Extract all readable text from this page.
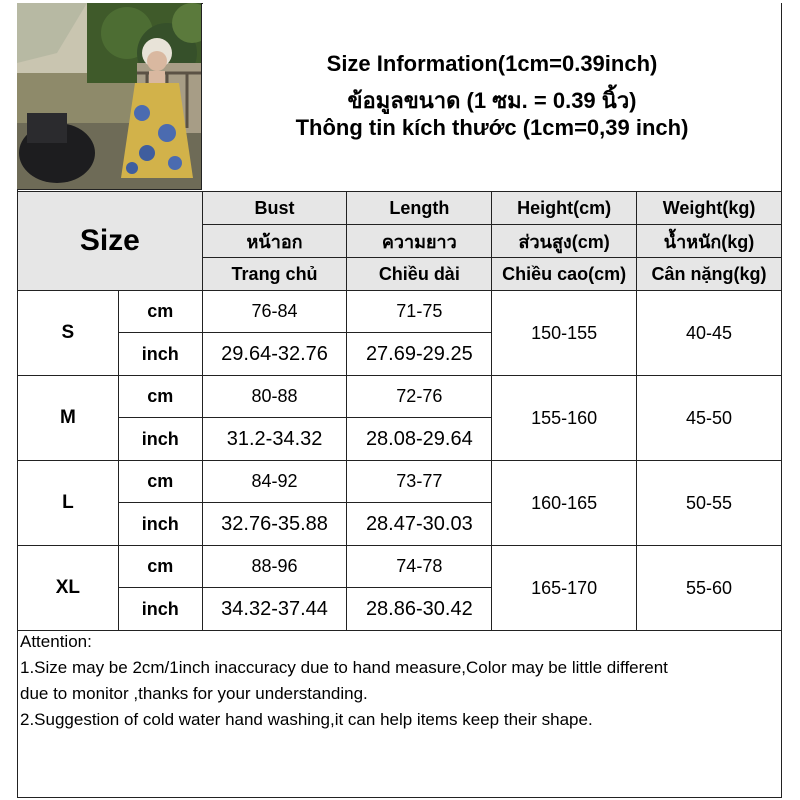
Size Information(1cm=0.39inch)
ข้อมูลขนาด (1 ซม. = 0.39 นิ้ว)
Thông tin kích thước (1cm=0,39 inch)
Size		Bust	Length	Height(cm)	Weight(kg)
		หน้าอก	ความยาว	ส่วนสูง(cm)	น้ำหนัก(kg)
		Trang chủ	Chiều dài	Chiều cao(cm)	Cân nặng(kg)
S	cm	76-84	71-75	150-155	40-45
	inch	29.64-32.76	27.69-29.25		
M	cm	80-88	72-76	155-160	45-50
	inch	31.2-34.32	28.08-29.64		
L	cm	84-92	73-77	160-165	50-55
	inch	32.76-35.88	28.47-30.03		
XL	cm	88-96	74-78	165-170	55-60
	inch	34.32-37.44	28.86-30.42		
Attention:
1.Size may be 2cm/1inch inaccuracy due to hand measure,Color may be little different
due to monitor ,thanks for your understanding.
2.Suggestion of cold water hand washing,it can help items keep their shape.
